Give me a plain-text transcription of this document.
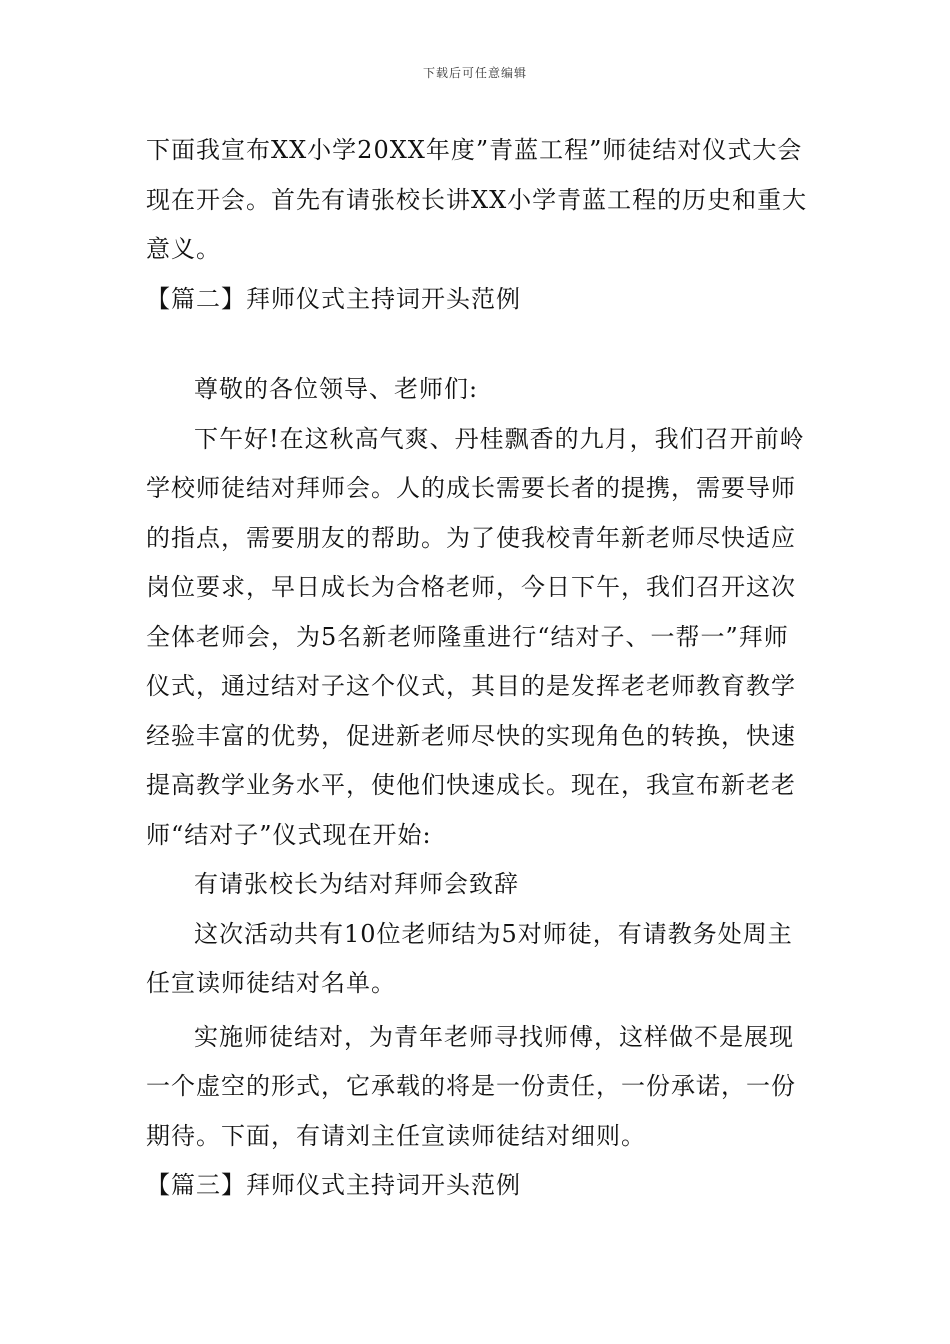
下载后可任意编辑

下面我宣布XX小学20XX年度”青蓝工程”师徒结对仪式大会现在开会。首先有请张校长讲XX小学青蓝工程的历史和重大意义。

【篇二】拜师仪式主持词开头范例

尊敬的各位领导、老师们:

下午好!在这秋高气爽、丹桂飘香的九月，我们召开前岭学校师徒结对拜师会。人的成长需要长者的提携，需要导师的指点，需要朋友的帮助。为了使我校青年新老师尽快适应岗位要求，早日成长为合格老师，今日下午，我们召开这次全体老师会，为5名新老师隆重进行“结对子、一帮一”拜师仪式，通过结对子这个仪式，其目的是发挥老老师教育教学经验丰富的优势，促进新老师尽快的实现角色的转换，快速提高教学业务水平，使他们快速成长。现在，我宣布新老老师“结对子”仪式现在开始:

有请张校长为结对拜师会致辞

这次活动共有10位老师结为5对师徒，有请教务处周主任宣读师徒结对名单。

实施师徒结对，为青年老师寻找师傅，这样做不是展现一个虚空的形式，它承载的将是一份责任，一份承诺，一份期待。下面，有请刘主任宣读师徒结对细则。

【篇三】拜师仪式主持词开头范例
